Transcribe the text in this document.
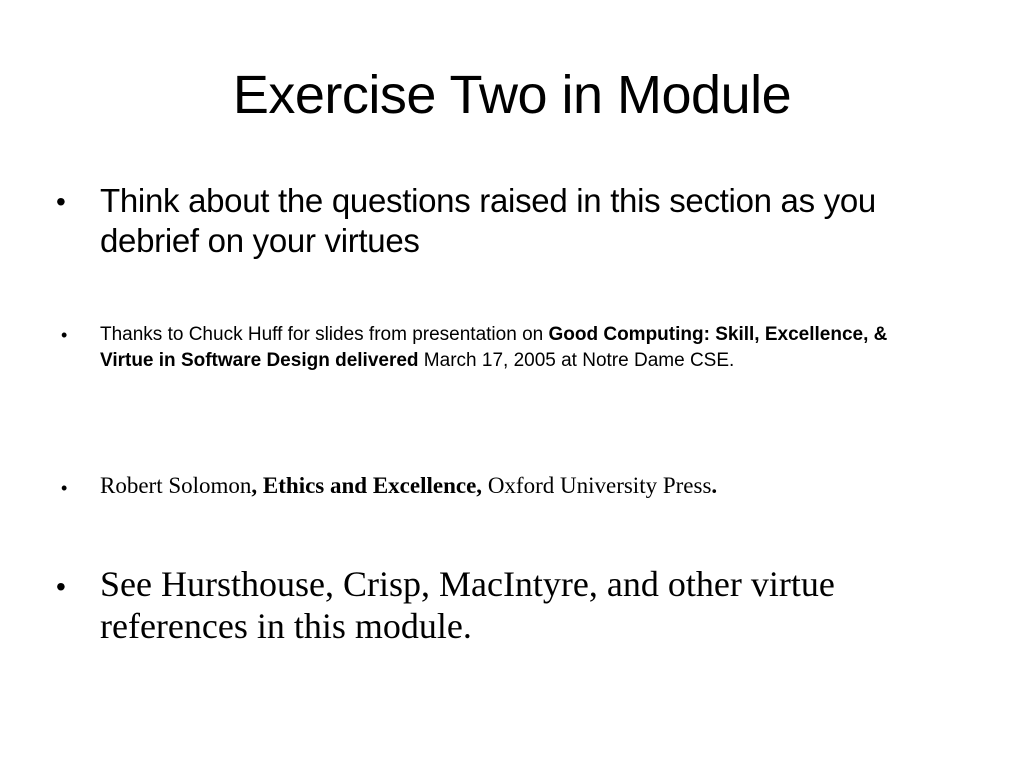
Exercise Two in Module
• Think about the questions raised in this section as you debrief on your virtues
• Thanks to Chuck Huff for slides from presentation on Good Computing: Skill, Excellence, & Virtue in Software Design delivered March 17, 2005 at Notre Dame CSE.
• Robert Solomon, Ethics and Excellence, Oxford University Press.
• See Hursthouse, Crisp, MacIntyre, and other virtue references in this module.
